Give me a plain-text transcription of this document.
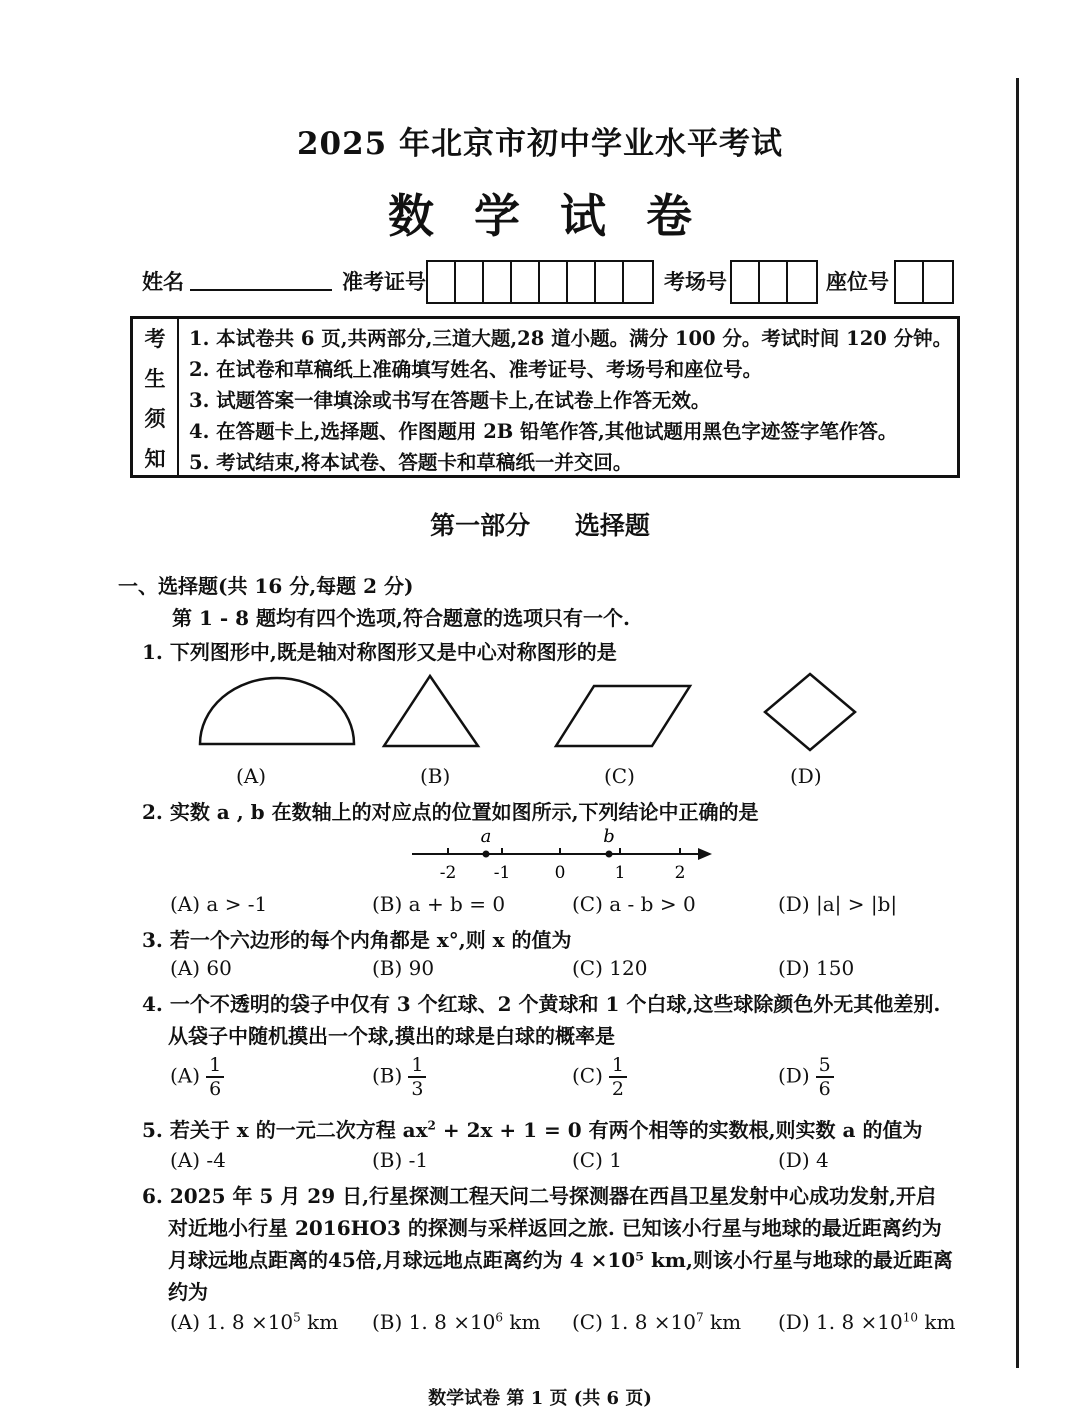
2025 年北京市初中学业水平考试
数学试卷
姓名	准考证号	考场号	座位号
考
生
须
知
1. 本试卷共 6 页,共两部分,三道大题,28 道小题。满分 100 分。考试时间 120 分钟。
2. 在试卷和草稿纸上准确填写姓名、准考证号、考场号和座位号。
3. 试题答案一律填涂或书写在答题卡上,在试卷上作答无效。
4. 在答题卡上,选择题、作图题用 2B 铅笔作答,其他试题用黑色字迹签字笔作答。
5. 考试结束,将本试卷、答题卡和草稿纸一并交回。
第一部分 选择题
一、选择题(共 16 分,每题 2 分)
第 1 - 8 题均有四个选项,符合题意的选项只有一个.
1. 下列图形中,既是轴对称图形又是中心对称图形的是
(A)	(B)	(C)	(D)
2. 实数 a , b 在数轴上的对应点的位置如图所示,下列结论中正确的是
a	b
-2 -1	0	1	2
(A) a > -1	(B) a + b = 0	(C) a - b > 0	(D) |a| > |b|
3. 若一个六边形的每个内角都是 x°,则 x 的值为
(A) 60	(B) 90	(C) 120	(D) 150
4. 一个不透明的袋子中仅有 3 个红球、2 个黄球和 1 个白球,这些球除颜色外无其他差别.
从袋子中随机摸出一个球,摸出的球是白球的概率是
$(A) \frac{1}{6}$	$(B) \frac{1}{3}$	$(C) \frac{1}{2}$	$(D) \frac{5}{6}$
5. 若关于 x 的一元二次方程 $ax^2 + 2x + 1 = 0$ 有两个相等的实数根,则实数 a 的值为
(A) -4	(B) -1	(C) 1	(D) 4
6. 2025 年 5 月 29 日,行星探测工程天问二号探测器在西昌卫星发射中心成功发射,开启
对近地小行星 2016HO3 的探测与采样返回之旅. 已知该小行星与地球的最近距离约为
月球远地点距离的45倍,月球远地点距离约为 4 ×10⁵ km,则该小行星与地球的最近距离
约为
(A) 1. $8 \times 10^5$ km (B) 1. $8 \times 10^6$ km (C) 1. $8 \times 10^7$ km (D) 1. $8 \times 10^{10}$ km
数学试卷 第 1 页 (共 6 页)
